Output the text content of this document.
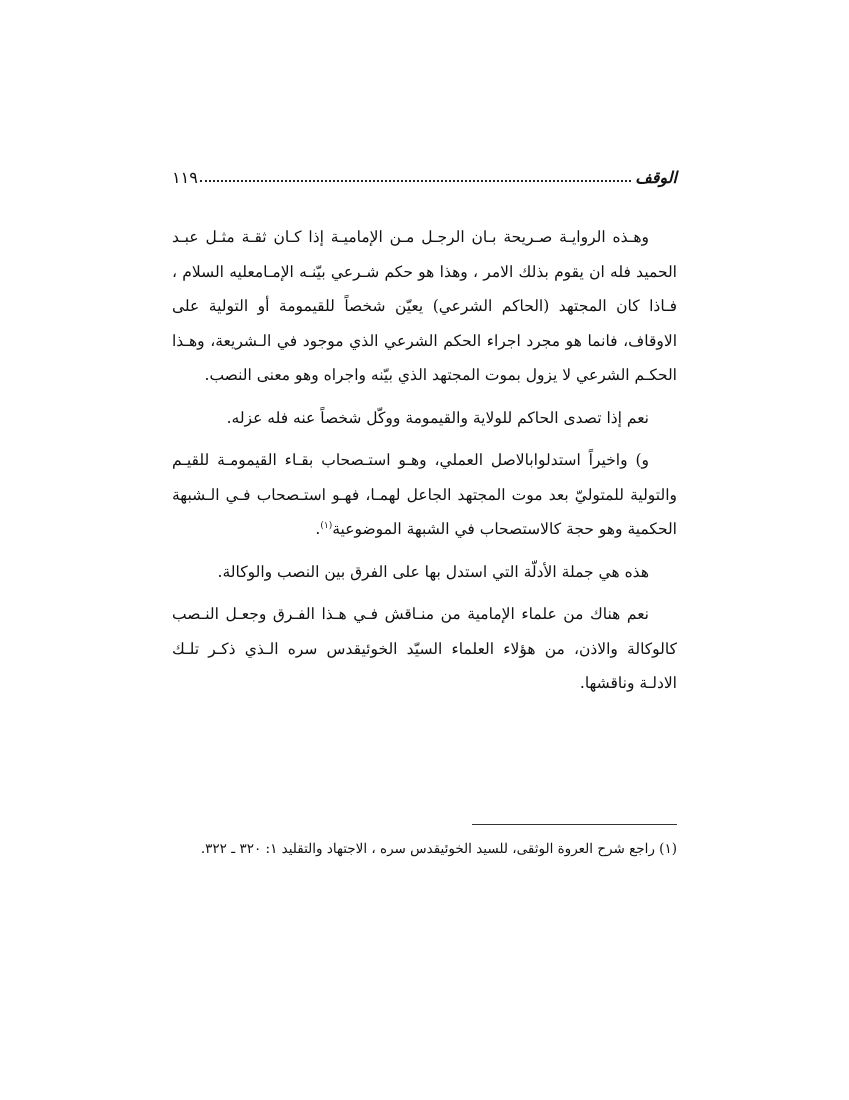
الوقف
١١٩

وهـذه الروايـة صـريحة بـان الرجـل مـن الإماميـة إذا كـان ثقـة مثـل عبـد الحميد فله ان يقوم بذلك الامر ، وهذا هو حكم شـرعي بيّنـه الإمـامعليه السلام ، فـاذا كان المجتهد (الحاكم الشرعي) يعيّن شخصاً للقيمومة أو التولية على الاوقاف، فانما هو مجرد اجراء الحكم الشرعي الذي موجود في الـشريعة، وهـذا الحكـم الشرعي لا يزول بموت المجتهد الذي بيّنه واجراه وهو معنى النصب.

نعم إذا تصدى الحاكم للولاية والقيمومة ووكّل شخصاً عنه فله عزله.

و) واخيراً استدلوابالاصل العملي، وهـو استـصحاب بقـاء القيمومـة للقيـم والتولية للمتوليّ بعد موت المجتهد الجاعل لهمـا، فهـو استـصحاب فـي الـشبهة الحكمية وهو حجة كالاستصحاب في الشبهة الموضوعية$^{(١)}$.

هذه هي جملة الأدلّة التي استدل بها على الفرق بين النصب والوكالة.

نعم هناك من علماء الإمامية من منـاقش فـي هـذا الفـرق وجعـل النـصب كالوكالة والاذن، من هؤلاء العلماء السيّد الخوئيقدس سره الـذي ذكـر تلـك الادلـة وناقشها.

(١) راجع شرح العروة الوثقى، للسيد الخوئيقدس سره ، الاجتهاد والتقليد ١: ٣٢٠ ـ ٣٢٢.
